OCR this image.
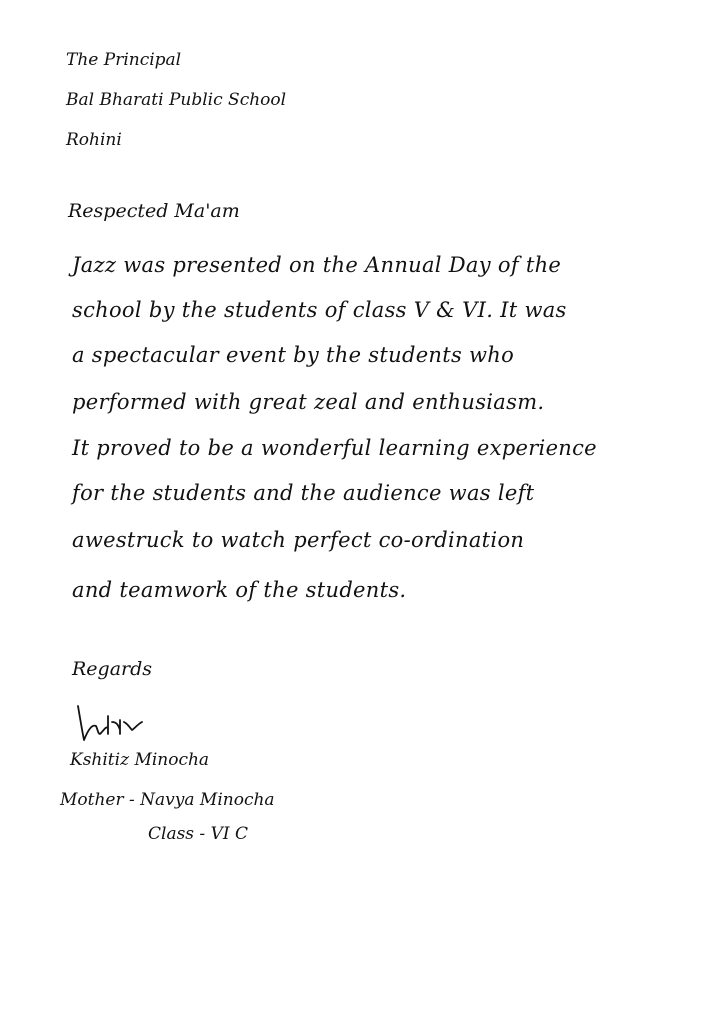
The Principal
Bal Bharati Public School
Rohini
Respected Ma'am
Jazz was presented on the Annual Day of the
school by the students of class V & VI. It was
a spectacular event by the students who
performed with great zeal and enthusiasm.
It proved to be a wonderful learning experience
for the students and the audience was left
awestruck to watch perfect co-ordination
and teamwork of the students.
Regards
Kshitiz Minocha
Mother - Navya Minocha
Class - VI C
